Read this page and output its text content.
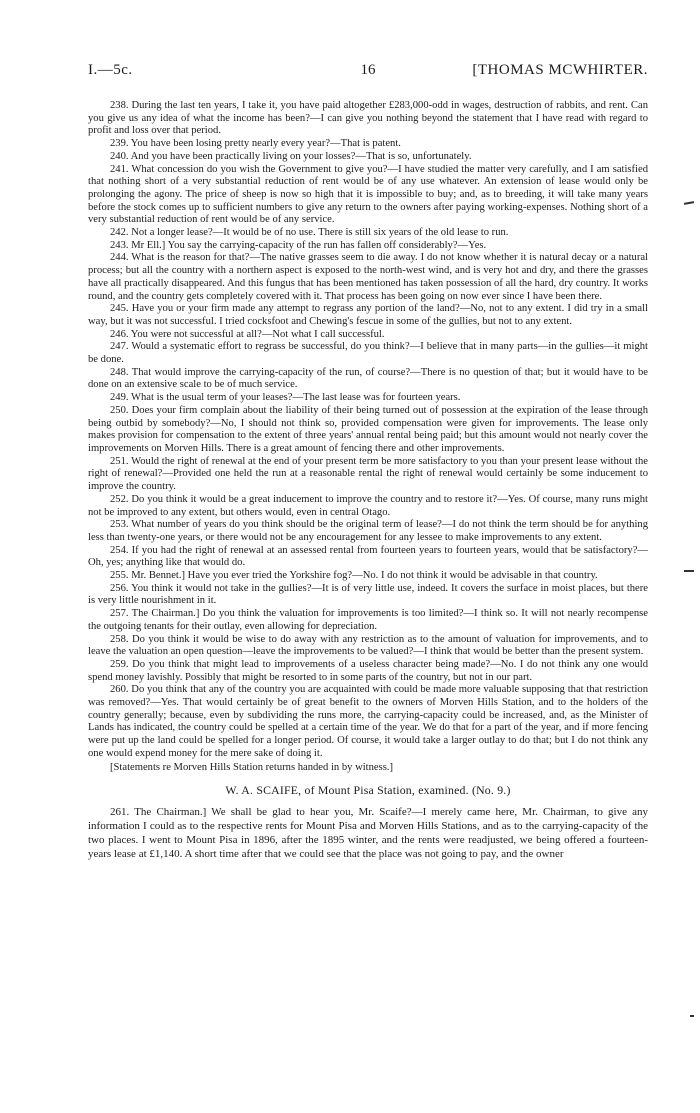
I.—5c.	16	[THOMAS MCWHIRTER.

238. During the last ten years, I take it, you have paid altogether £283,000-odd in wages, destruction of rabbits, and rent. Can you give us any idea of what the income has been?—I can give you nothing beyond the statement that I have read with regard to profit and loss over that period.

239. You have been losing pretty nearly every year?—That is patent.

240. And you have been practically living on your losses?—That is so, unfortunately.

241. What concession do you wish the Government to give you?—I have studied the matter very carefully, and I am satisfied that nothing short of a very substantial reduction of rent would be of any use whatever. An extension of lease would only be prolonging the agony. The price of sheep is now so high that it is impossible to buy; and, as to breeding, it will take many years before the stock comes up to sufficient numbers to give any return to the owners after paying working-expenses. Nothing short of a very substantial reduction of rent would be of any service.

242. Not a longer lease?—It would be of no use. There is still six years of the old lease to run.

243. Mr Ell.] You say the carrying-capacity of the run has fallen off considerably?—Yes.

244. What is the reason for that?—The native grasses seem to die away. I do not know whether it is natural decay or a natural process; but all the country with a northern aspect is exposed to the north-west wind, and is very hot and dry, and there the grasses have all practically disappeared. And this fungus that has been mentioned has taken possession of all the hard, dry country. It works round, and the country gets completely covered with it. That process has been going on now ever since I have been there.

245. Have you or your firm made any attempt to regrass any portion of the land?—No, not to any extent. I did try in a small way, but it was not successful. I tried cocksfoot and Chewing's fescue in some of the gullies, but not to any extent.

246. You were not successful at all?—Not what I call successful.

247. Would a systematic effort to regrass be successful, do you think?—I believe that in many parts—in the gullies—it might be done.

248. That would improve the carrying-capacity of the run, of course?—There is no question of that; but it would have to be done on an extensive scale to be of much service.

249. What is the usual term of your leases?—The last lease was for fourteen years.

250. Does your firm complain about the liability of their being turned out of possession at the expiration of the lease through being outbid by somebody?—No, I should not think so, provided compensation were given for improvements. The lease only makes provision for compensation to the extent of three years' annual rental being paid; but this amount would not nearly cover the improvements on Morven Hills. There is a great amount of fencing there and other improvements.

251. Would the right of renewal at the end of your present term be more satisfactory to you than your present lease without the right of renewal?—Provided one held the run at a reasonable rental the right of renewal would certainly be some inducement to improve the country.

252. Do you think it would be a great inducement to improve the country and to restore it?—Yes. Of course, many runs might not be improved to any extent, but others would, even in central Otago.

253. What number of years do you think should be the original term of lease?—I do not think the term should be for anything less than twenty-one years, or there would not be any encouragement for any lessee to make improvements to any extent.

254. If you had the right of renewal at an assessed rental from fourteen years to fourteen years, would that be satisfactory?—Oh, yes; anything like that would do.

255. Mr. Bennet.] Have you ever tried the Yorkshire fog?—No. I do not think it would be advisable in that country.

256. You think it would not take in the gullies?—It is of very little use, indeed. It covers the surface in moist places, but there is very little nourishment in it.

257. The Chairman.] Do you think the valuation for improvements is too limited?—I think so. It will not nearly recompense the outgoing tenants for their outlay, even allowing for depreciation.

258. Do you think it would be wise to do away with any restriction as to the amount of valuation for improvements, and to leave the valuation an open question—leave the improvements to be valued?—I think that would be better than the present system.

259. Do you think that might lead to improvements of a useless character being made?—No. I do not think any one would spend money lavishly. Possibly that might be resorted to in some parts of the country, but not in our part.

260. Do you think that any of the country you are acquainted with could be made more valuable supposing that that restriction was removed?—Yes. That would certainly be of great benefit to the owners of Morven Hills Station, and to the holders of the country generally; because, even by subdividing the runs more, the carrying-capacity could be increased, and, as the Minister of Lands has indicated, the country could be spelled at a certain time of the year. We do that for a part of the year, and if more fencing were put up the land could be spelled for a longer period. Of course, it would take a larger outlay to do that; but I do not think any one would expend money for the mere sake of doing it.

[Statements re Morven Hills Station returns handed in by witness.]

W. A. SCAIFE, of Mount Pisa Station, examined. (No. 9.)

261. The Chairman.] We shall be glad to hear you, Mr. Scaife?—I merely came here, Mr. Chairman, to give any information I could as to the respective rents for Mount Pisa and Morven Hills Stations, and as to the carrying-capacity of the two places. I went to Mount Pisa in 1896, after the 1895 winter, and the rents were readjusted, we being offered a fourteen-years lease at £1,140. A short time after that we could see that the place was not going to pay, and the owner
